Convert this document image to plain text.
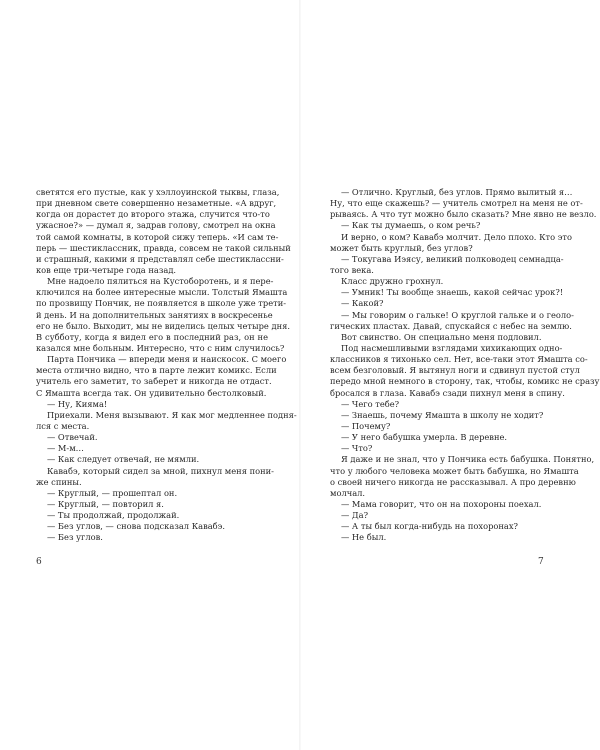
светятся его пустые, как у хэллоуинской тыквы, глаза,
при дневном свете совершенно незаметные. «А вдруг,
когда он дорастет до второго этажа, случится что-то
ужасное?» — думал я, задрав голову, смотрел на окна
той самой комнаты, в которой сижу теперь. «И сам те-
перь — шестиклассник, правда, совсем не такой сильный
и страшный, какими я представлял себе шестиклассни-
ков еще три-четыре года назад.
Мне надоело пялиться на Кустоборотень, и я пере-
ключился на более интересные мысли. Толстый Ямашта
по прозвищу Пончик, не появляется в школе уже трети-
й день. И на дополнительных занятиях в воскресенье
его не было. Выходит, мы не виделись целых четыре дня.
В субботу, когда я видел его в последний раз, он не
казался мне больным. Интересно, что с ним случилось?
Парта Пончика — впереди меня и наискосок. С моего
места отлично видно, что в парте лежит комикс. Если
учитель его заметит, то заберет и никогда не отдаст.
С Ямашта всегда так. Он удивительно бестолковый.
— Ну, Кияма!
Приехали. Меня вызывают. Я как мог медленнее подня-
лся с места.
— Отвечай.
— М-м…
— Как следует отвечай, не мямли.
Кавабэ, который сидел за мной, пихнул меня пони-
же спины.
— Круглый, — прошептал он.
— Круглый, — повторил я.
— Ты продолжай, продолжай.
— Без углов, — снова подсказал Кавабэ.
— Без углов.
6
— Отлично. Круглый, без углов. Прямо вылитый я…
Ну, что еще скажешь? — учитель смотрел на меня не от-
рываясь. А что тут можно было сказать? Мне явно не везло.
— Как ты думаешь, о ком речь?
И верно, о ком? Кавабэ молчит. Дело плохо. Кто это
может быть круглый, без углов?
— Токугава Иэясу, великий полководец семнадца-
того века.
Класс дружно грохнул.
— Умник! Ты вообще знаешь, какой сейчас урок?!
— Какой?
— Мы говорим о гальке! О круглой гальке и о геоло-
гических пластах. Давай, спускайся с небес на землю.
Вот свинство. Он специально меня подловил.
Под насмешливыми взглядами хихикающих одно-
классников я тихонько сел. Нет, все-таки этот Ямашта со-
всем безголовый. Я вытянул ноги и сдвинул пустой стул
передо мной немного в сторону, так, чтобы, комикс не сразу
бросался в глаза. Кавабэ сзади пихнул меня в спину.
— Чего тебе?
— Знаешь, почему Ямашта в школу не ходит?
— Почему?
— У него бабушка умерла. В деревне.
— Что?
Я даже и не знал, что у Пончика есть бабушка. Понятно,
что у любого человека может быть бабушка, но Ямашта
о своей ничего никогда не рассказывал. А про деревню
молчал.
— Мама говорит, что он на похороны поехал.
— Да?
— А ты был когда-нибудь на похоронах?
— Не был.
7
